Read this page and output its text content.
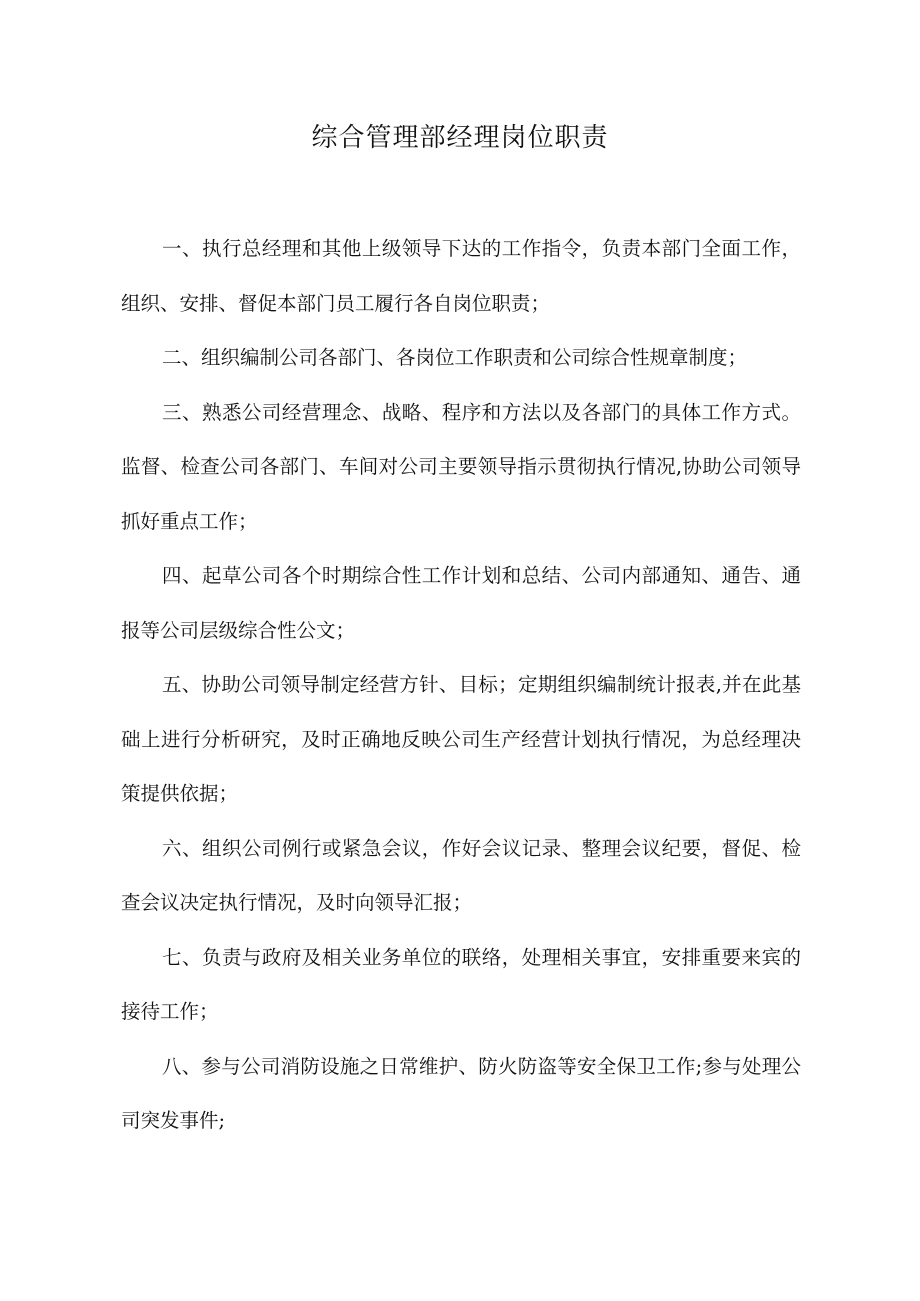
综合管理部经理岗位职责

一、执行总经理和其他上级领导下达的工作指令，负责本部门全面工作，组织、安排、督促本部门员工履行各自岗位职责；

二、组织编制公司各部门、各岗位工作职责和公司综合性规章制度；

三、熟悉公司经营理念、战略、程序和方法以及各部门的具体工作方式。监督、检查公司各部门、车间对公司主要领导指示贯彻执行情况,协助公司领导抓好重点工作；

四、起草公司各个时期综合性工作计划和总结、公司内部通知、通告、通报等公司层级综合性公文；

五、协助公司领导制定经营方针、目标；定期组织编制统计报表,并在此基础上进行分析研究，及时正确地反映公司生产经营计划执行情况，为总经理决策提供依据；

六、组织公司例行或紧急会议，作好会议记录、整理会议纪要，督促、检查会议决定执行情况，及时向领导汇报；

七、负责与政府及相关业务单位的联络，处理相关事宜，安排重要来宾的接待工作；

八、参与公司消防设施之日常维护、防火防盗等安全保卫工作;参与处理公司突发事件;
